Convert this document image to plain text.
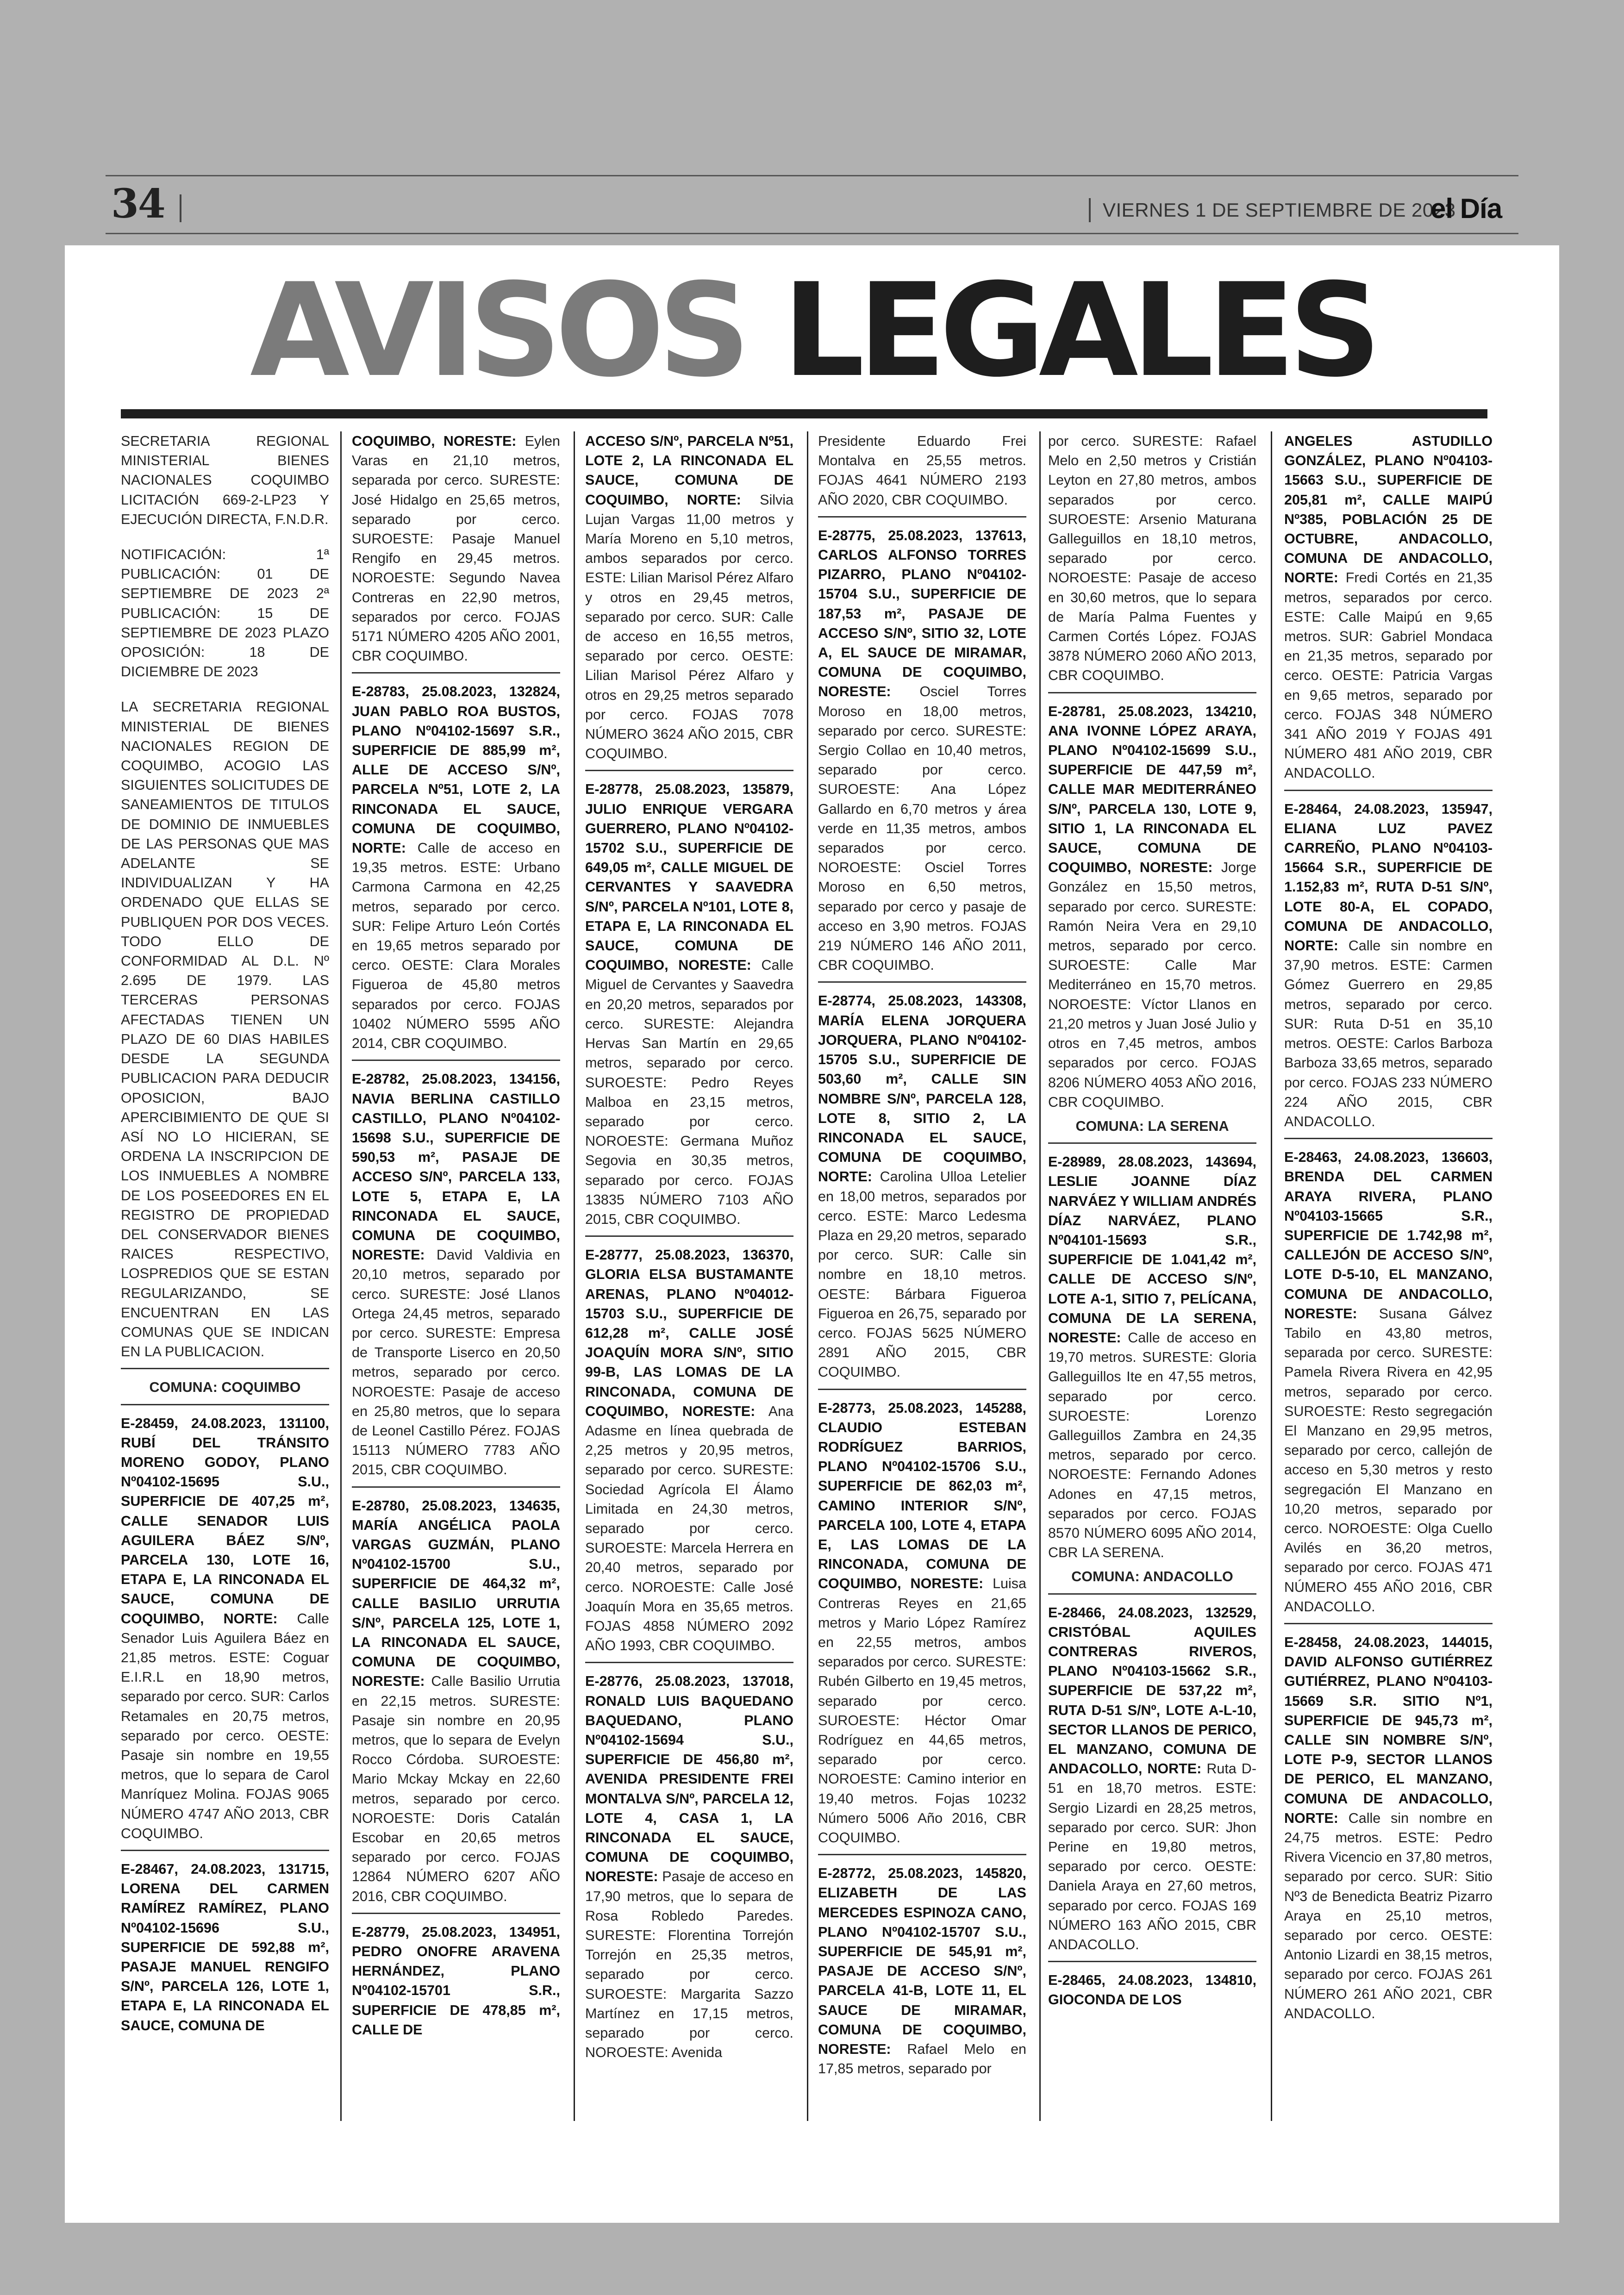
34	VIERNES 1 DE SEPTIEMBRE DE 2023
el Día
AVISOS LEGALES

SECRETARIA REGIONAL MINISTERIAL BIENES NACIONALES COQUIMBO LICITACIÓN 669-2-LP23 Y EJECUCIÓN DIRECTA, F.N.D.R.

NOTIFICACIÓN: 1ª PUBLICACIÓN: 01 DE SEPTIEMBRE DE 2023 2ª PUBLICACIÓN: 15 DE SEPTIEMBRE DE 2023 PLAZO OPOSICIÓN: 18 DE DICIEMBRE DE 2023

LA SECRETARIA REGIONAL MINISTERIAL DE BIENES NACIONALES REGION DE COQUIMBO, ACOGIO LAS SIGUIENTES SOLICITUDES DE SANEAMIENTOS DE TITULOS DE DOMINIO DE INMUEBLES DE LAS PERSONAS QUE MAS ADELANTE SE INDIVIDUALIZAN Y HA ORDENADO QUE ELLAS SE PUBLIQUEN POR DOS VECES. TODO ELLO DE CONFORMIDAD AL D.L. Nº 2.695 DE 1979. LAS TERCERAS PERSONAS AFECTADAS TIENEN UN PLAZO DE 60 DIAS HABILES DESDE LA SEGUNDA PUBLICACION PARA DEDUCIR OPOSICION, BAJO APERCIBIMIENTO DE QUE SI ASÍ NO LO HICIERAN, SE ORDENA LA INSCRIPCION DE LOS INMUEBLES A NOMBRE DE LOS POSEEDORES EN EL REGISTRO DE PROPIEDAD DEL CONSERVADOR BIENES RAICES RESPECTIVO, LOSPREDIOS QUE SE ESTAN REGULARIZANDO, SE ENCUENTRAN EN LAS COMUNAS QUE SE INDICAN EN LA PUBLICACION.

COMUNA: COQUIMBO

E-28459, 24.08.2023, 131100, RUBÍ DEL TRÁNSITO MORENO GODOY, PLANO Nº04102-15695 S.U., SUPERFICIE DE 407,25 m², CALLE SENADOR LUIS AGUILERA BÁEZ S/Nº, PARCELA 130, LOTE 16, ETAPA E, LA RINCONADA EL SAUCE, COMUNA DE COQUIMBO, NORTE: Calle Senador Luis Aguilera Báez en 21,85 metros. ESTE: Coguar E.I.R.L en 18,90 metros, separado por cerco. SUR: Carlos Retamales en 20,75 metros, separado por cerco. OESTE: Pasaje sin nombre en 19,55 metros, que lo separa de Carol Manríquez Molina. FOJAS 9065 NÚMERO 4747 AÑO 2013, CBR COQUIMBO.

E-28467, 24.08.2023, 131715, LORENA DEL CARMEN RAMÍREZ RAMÍREZ, PLANO Nº04102-15696 S.U., SUPERFICIE DE 592,88 m², PASAJE MANUEL RENGIFO S/Nº, PARCELA 126, LOTE 1, ETAPA E, LA RINCONADA EL SAUCE, COMUNA DE

COQUIMBO, NORESTE: Eylen Varas en 21,10 metros, separada por cerco. SURESTE: José Hidalgo en 25,65 metros, separado por cerco. SUROESTE: Pasaje Manuel Rengifo en 29,45 metros. NOROESTE: Segundo Navea Contreras en 22,90 metros, separados por cerco. FOJAS 5171 NÚMERO 4205 AÑO 2001, CBR COQUIMBO.

E-28783, 25.08.2023, 132824, JUAN PABLO ROA BUSTOS, PLANO Nº04102-15697 S.R., SUPERFICIE DE 885,99 m², ALLE DE ACCESO S/Nº, PARCELA Nº51, LOTE 2, LA RINCONADA EL SAUCE, COMUNA DE COQUIMBO, NORTE: Calle de acceso en 19,35 metros. ESTE: Urbano Carmona Carmona en 42,25 metros, separado por cerco. SUR: Felipe Arturo León Cortés en 19,65 metros separado por cerco. OESTE: Clara Morales Figueroa de 45,80 metros separados por cerco. FOJAS 10402 NÚMERO 5595 AÑO 2014, CBR COQUIMBO.

E-28782, 25.08.2023, 134156, NAVIA BERLINA CASTILLO CASTILLO, PLANO Nº04102-15698 S.U., SUPERFICIE DE 590,53 m², PASAJE DE ACCESO S/Nº, PARCELA 133, LOTE 5, ETAPA E, LA RINCONADA EL SAUCE, COMUNA DE COQUIMBO, NORESTE: David Valdivia en 20,10 metros, separado por cerco. SURESTE: José Llanos Ortega 24,45 metros, separado por cerco. SURESTE: Empresa de Transporte Liserco en 20,50 metros, separado por cerco. NOROESTE: Pasaje de acceso en 25,80 metros, que lo separa de Leonel Castillo Pérez. FOJAS 15113 NÚMERO 7783 AÑO 2015, CBR COQUIMBO.

E-28780, 25.08.2023, 134635, MARÍA ANGÉLICA PAOLA VARGAS GUZMÁN, PLANO Nº04102-15700 S.U., SUPERFICIE DE 464,32 m², CALLE BASILIO URRUTIA S/Nº, PARCELA 125, LOTE 1, LA RINCONADA EL SAUCE, COMUNA DE COQUIMBO, NORESTE: Calle Basilio Urrutia en 22,15 metros. SURESTE: Pasaje sin nombre en 20,95 metros, que lo separa de Evelyn Rocco Córdoba. SUROESTE: Mario Mckay Mckay en 22,60 metros, separado por cerco. NOROESTE: Doris Catalán Escobar en 20,65 metros separado por cerco. FOJAS 12864 NÚMERO 6207 AÑO 2016, CBR COQUIMBO.

E-28779, 25.08.2023, 134951, PEDRO ONOFRE ARAVENA HERNÁNDEZ, PLANO Nº04102-15701 S.R., SUPERFICIE DE 478,85 m², CALLE DE

ACCESO S/Nº, PARCELA Nº51, LOTE 2, LA RINCONADA EL SAUCE, COMUNA DE COQUIMBO, NORTE: Silvia Lujan Vargas 11,00 metros y María Moreno en 5,10 metros, ambos separados por cerco. ESTE: Lilian Marisol Pérez Alfaro y otros en 29,45 metros, separado por cerco. SUR: Calle de acceso en 16,55 metros, separado por cerco. OESTE: Lilian Marisol Pérez Alfaro y otros en 29,25 metros separado por cerco. FOJAS 7078 NÚMERO 3624 AÑO 2015, CBR COQUIMBO.

E-28778, 25.08.2023, 135879, JULIO ENRIQUE VERGARA GUERRERO, PLANO Nº04102-15702 S.U., SUPERFICIE DE 649,05 m², CALLE MIGUEL DE CERVANTES Y SAAVEDRA S/Nº, PARCELA Nº101, LOTE 8, ETAPA E, LA RINCONADA EL SAUCE, COMUNA DE COQUIMBO, NORESTE: Calle Miguel de Cervantes y Saavedra en 20,20 metros, separados por cerco. SURESTE: Alejandra Hervas San Martín en 29,65 metros, separado por cerco. SUROESTE: Pedro Reyes Malboa en 23,15 metros, separado por cerco. NOROESTE: Germana Muñoz Segovia en 30,35 metros, separado por cerco. FOJAS 13835 NÚMERO 7103 AÑO 2015, CBR COQUIMBO.

E-28777, 25.08.2023, 136370, GLORIA ELSA BUSTAMANTE ARENAS, PLANO Nº04012-15703 S.U., SUPERFICIE DE 612,28 m², CALLE JOSÉ JOAQUÍN MORA S/Nº, SITIO 99-B, LAS LOMAS DE LA RINCONADA, COMUNA DE COQUIMBO, NORESTE: Ana Adasme en línea quebrada de 2,25 metros y 20,95 metros, separado por cerco. SURESTE: Sociedad Agrícola El Álamo Limitada en 24,30 metros, separado por cerco. SUROESTE: Marcela Herrera en 20,40 metros, separado por cerco. NOROESTE: Calle José Joaquín Mora en 35,65 metros. FOJAS 4858 NÚMERO 2092 AÑO 1993, CBR COQUIMBO.

E-28776, 25.08.2023, 137018, RONALD LUIS BAQUEDANO BAQUEDANO, PLANO Nº04102-15694 S.U., SUPERFICIE DE 456,80 m², AVENIDA PRESIDENTE FREI MONTALVA S/Nº, PARCELA 12, LOTE 4, CASA 1, LA RINCONADA EL SAUCE, COMUNA DE COQUIMBO, NORESTE: Pasaje de acceso en 17,90 metros, que lo separa de Rosa Robledo Paredes. SURESTE: Florentina Torrejón Torrejón en 25,35 metros, separado por cerco. SUROESTE: Margarita Sazzo Martínez en 17,15 metros, separado por cerco. NOROESTE: Avenida

Presidente Eduardo Frei Montalva en 25,55 metros. FOJAS 4641 NÚMERO 2193 AÑO 2020, CBR COQUIMBO.

E-28775, 25.08.2023, 137613, CARLOS ALFONSO TORRES PIZARRO, PLANO Nº04102-15704 S.U., SUPERFICIE DE 187,53 m², PASAJE DE ACCESO S/Nº, SITIO 32, LOTE A, EL SAUCE DE MIRAMAR, COMUNA DE COQUIMBO, NORESTE: Osciel Torres Moroso en 18,00 metros, separado por cerco. SURESTE: Sergio Collao en 10,40 metros, separado por cerco. SUROESTE: Ana López Gallardo en 6,70 metros y área verde en 11,35 metros, ambos separados por cerco. NOROESTE: Osciel Torres Moroso en 6,50 metros, separado por cerco y pasaje de acceso en 3,90 metros. FOJAS 219 NÚMERO 146 AÑO 2011, CBR COQUIMBO.

E-28774, 25.08.2023, 143308, MARÍA ELENA JORQUERA JORQUERA, PLANO Nº04102-15705 S.U., SUPERFICIE DE 503,60 m², CALLE SIN NOMBRE S/Nº, PARCELA 128, LOTE 8, SITIO 2, LA RINCONADA EL SAUCE, COMUNA DE COQUIMBO, NORTE: Carolina Ulloa Letelier en 18,00 metros, separados por cerco. ESTE: Marco Ledesma Plaza en 29,20 metros, separado por cerco. SUR: Calle sin nombre en 18,10 metros. OESTE: Bárbara Figueroa Figueroa en 26,75, separado por cerco. FOJAS 5625 NÚMERO 2891 AÑO 2015, CBR COQUIMBO.

E-28773, 25.08.2023, 145288, CLAUDIO ESTEBAN RODRÍGUEZ BARRIOS, PLANO Nº04102-15706 S.U., SUPERFICIE DE 862,03 m², CAMINO INTERIOR S/Nº, PARCELA 100, LOTE 4, ETAPA E, LAS LOMAS DE LA RINCONADA, COMUNA DE COQUIMBO, NORESTE: Luisa Contreras Reyes en 21,65 metros y Mario López Ramírez en 22,55 metros, ambos separados por cerco. SURESTE: Rubén Gilberto en 19,45 metros, separado por cerco. SUROESTE: Héctor Omar Rodríguez en 44,65 metros, separado por cerco. NOROESTE: Camino interior en 19,40 metros. Fojas 10232 Número 5006 Año 2016, CBR COQUIMBO.

E-28772, 25.08.2023, 145820, ELIZABETH DE LAS MERCEDES ESPINOZA CANO, PLANO Nº04102-15707 S.U., SUPERFICIE DE 545,91 m², PASAJE DE ACCESO S/Nº, PARCELA 41-B, LOTE 11, EL SAUCE DE MIRAMAR, COMUNA DE COQUIMBO, NORESTE: Rafael Melo en 17,85 metros, separado por

por cerco. SURESTE: Rafael Melo en 2,50 metros y Cristián Leyton en 27,80 metros, ambos separados por cerco. SUROESTE: Arsenio Maturana Galleguillos en 18,10 metros, separado por cerco. NOROESTE: Pasaje de acceso en 30,60 metros, que lo separa de María Palma Fuentes y Carmen Cortés López. FOJAS 3878 NÚMERO 2060 AÑO 2013, CBR COQUIMBO.

E-28781, 25.08.2023, 134210, ANA IVONNE LÓPEZ ARAYA, PLANO Nº04102-15699 S.U., SUPERFICIE DE 447,59 m², CALLE MAR MEDITERRÁNEO S/Nº, PARCELA 130, LOTE 9, SITIO 1, LA RINCONADA EL SAUCE, COMUNA DE COQUIMBO, NORESTE: Jorge González en 15,50 metros, separado por cerco. SURESTE: Ramón Neira Vera en 29,10 metros, separado por cerco. SUROESTE: Calle Mar Mediterráneo en 15,70 metros. NOROESTE: Víctor Llanos en 21,20 metros y Juan José Julio y otros en 7,45 metros, ambos separados por cerco. FOJAS 8206 NÚMERO 4053 AÑO 2016, CBR COQUIMBO.

COMUNA: LA SERENA

E-28989, 28.08.2023, 143694, LESLIE JOANNE DÍAZ NARVÁEZ Y WILLIAM ANDRÉS DÍAZ NARVÁEZ, PLANO Nº04101-15693 S.R., SUPERFICIE DE 1.041,42 m², CALLE DE ACCESO S/Nº, LOTE A-1, SITIO 7, PELÍCANA, COMUNA DE LA SERENA, NORESTE: Calle de acceso en 19,70 metros. SURESTE: Gloria Galleguillos Ite en 47,55 metros, separado por cerco. SUROESTE: Lorenzo Galleguillos Zambra en 24,35 metros, separado por cerco. NOROESTE: Fernando Adones Adones en 47,15 metros, separados por cerco. FOJAS 8570 NÚMERO 6095 AÑO 2014, CBR LA SERENA.

COMUNA: ANDACOLLO

E-28466, 24.08.2023, 132529, CRISTÓBAL AQUILES CONTRERAS RIVEROS, PLANO Nº04103-15662 S.R., SUPERFICIE DE 537,22 m², RUTA D-51 S/Nº, LOTE A-L-10, SECTOR LLANOS DE PERICO, EL MANZANO, COMUNA DE ANDACOLLO, NORTE: Ruta D-51 en 18,70 metros. ESTE: Sergio Lizardi en 28,25 metros, separado por cerco. SUR: Jhon Perine en 19,80 metros, separado por cerco. OESTE: Daniela Araya en 27,60 metros, separado por cerco. FOJAS 169 NÚMERO 163 AÑO 2015, CBR ANDACOLLO.

E-28465, 24.08.2023, 134810, GIOCONDA DE LOS

ANGELES ASTUDILLO GONZÁLEZ, PLANO Nº04103-15663 S.U., SUPERFICIE DE 205,81 m², CALLE MAIPÚ Nº385, POBLACIÓN 25 DE OCTUBRE, ANDACOLLO, COMUNA DE ANDACOLLO, NORTE: Fredi Cortés en 21,35 metros, separados por cerco. ESTE: Calle Maipú en 9,65 metros. SUR: Gabriel Mondaca en 21,35 metros, separado por cerco. OESTE: Patricia Vargas en 9,65 metros, separado por cerco. FOJAS 348 NÚMERO 341 AÑO 2019 Y FOJAS 491 NÚMERO 481 AÑO 2019, CBR ANDACOLLO.

E-28464, 24.08.2023, 135947, ELIANA LUZ PAVEZ CARREÑO, PLANO Nº04103-15664 S.R., SUPERFICIE DE 1.152,83 m², RUTA D-51 S/Nº, LOTE 80-A, EL COPADO, COMUNA DE ANDACOLLO, NORTE: Calle sin nombre en 37,90 metros. ESTE: Carmen Gómez Guerrero en 29,85 metros, separado por cerco. SUR: Ruta D-51 en 35,10 metros. OESTE: Carlos Barboza Barboza 33,65 metros, separado por cerco. FOJAS 233 NÚMERO 224 AÑO 2015, CBR ANDACOLLO.

E-28463, 24.08.2023, 136603, BRENDA DEL CARMEN ARAYA RIVERA, PLANO Nº04103-15665 S.R., SUPERFICIE DE 1.742,98 m², CALLEJÓN DE ACCESO S/Nº, LOTE D-5-10, EL MANZANO, COMUNA DE ANDACOLLO, NORESTE: Susana Gálvez Tabilo en 43,80 metros, separada por cerco. SURESTE: Pamela Rivera Rivera en 42,95 metros, separado por cerco. SUROESTE: Resto segregación El Manzano en 29,95 metros, separado por cerco, callejón de acceso en 5,30 metros y resto segregación El Manzano en 10,20 metros, separado por cerco. NOROESTE: Olga Cuello Avilés en 36,20 metros, separado por cerco. FOJAS 471 NÚMERO 455 AÑO 2016, CBR ANDACOLLO.

E-28458, 24.08.2023, 144015, DAVID ALFONSO GUTIÉRREZ GUTIÉRREZ, PLANO Nº04103-15669 S.R. SITIO Nº1, SUPERFICIE DE 945,73 m², CALLE SIN NOMBRE S/Nº, LOTE P-9, SECTOR LLANOS DE PERICO, EL MANZANO, COMUNA DE ANDACOLLO, NORTE: Calle sin nombre en 24,75 metros. ESTE: Pedro Rivera Vicencio en 37,80 metros, separado por cerco. SUR: Sitio Nº3 de Benedicta Beatriz Pizarro Araya en 25,10 metros, separado por cerco. OESTE: Antonio Lizardi en 38,15 metros, separado por cerco. FOJAS 261 NÚMERO 261 AÑO 2021, CBR ANDACOLLO.
